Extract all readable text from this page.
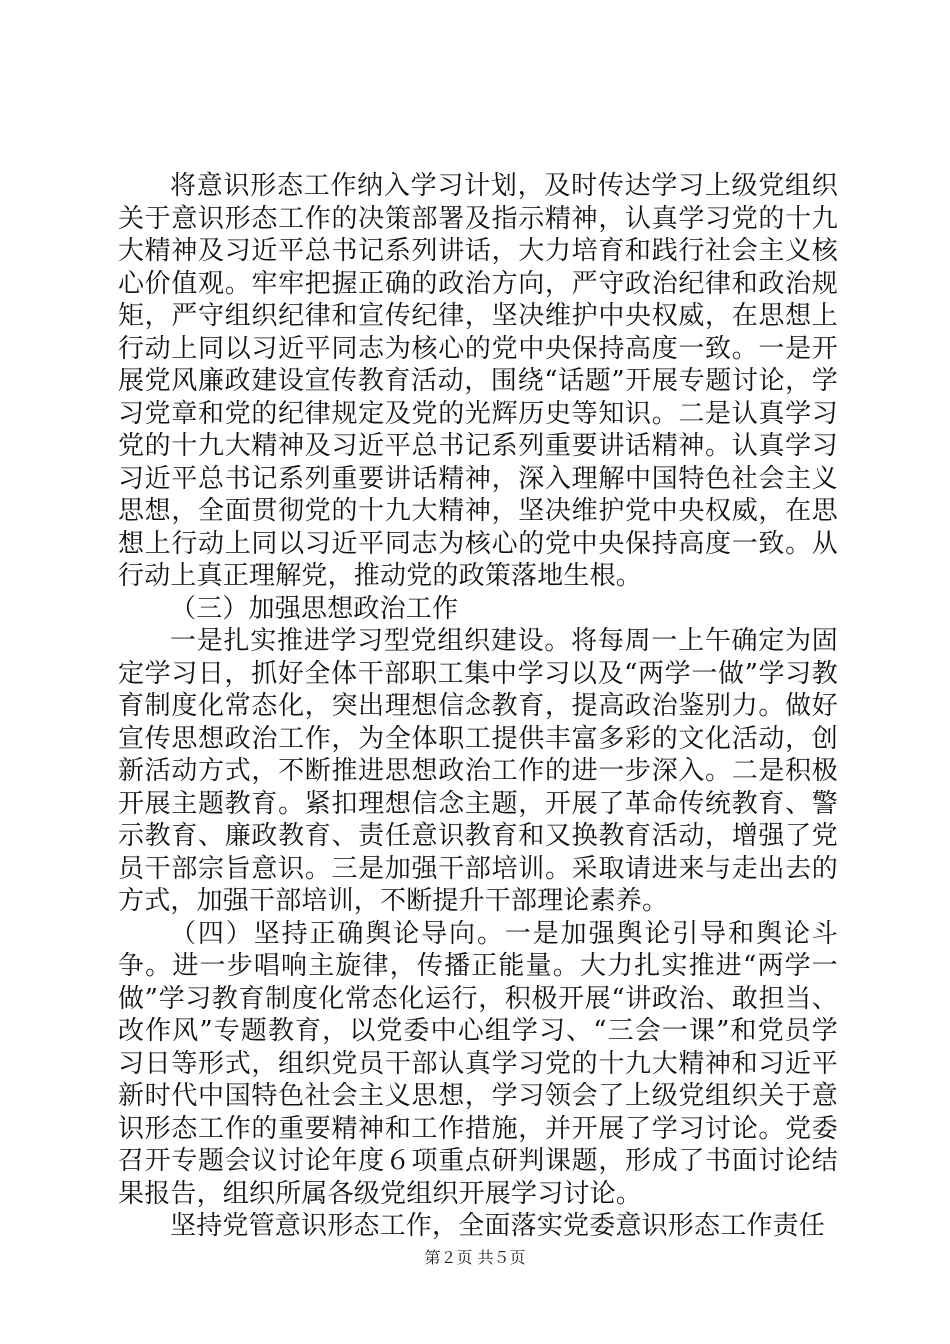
将意识形态工作纳入学习计划，及时传达学习上级党组织关于意识形态工作的决策部署及指示精神，认真学习党的十九大精神及习近平总书记系列讲话，大力培育和践行社会主义核心价值观。牢牢把握正确的政治方向，严守政治纪律和政治规矩，严守组织纪律和宣传纪律，坚决维护中央权威，在思想上行动上同以习近平同志为核心的党中央保持高度一致。一是开展党风廉政建设宣传教育活动，围绕“话题”开展专题讨论，学习党章和党的纪律规定及党的光辉历史等知识。二是认真学习党的十九大精神及习近平总书记系列重要讲话精神。认真学习习近平总书记系列重要讲话精神，深入理解中国特色社会主义思想，全面贯彻党的十九大精神，坚决维护党中央权威，在思想上行动上同以习近平同志为核心的党中央保持高度一致。从行动上真正理解党，推动党的政策落地生根。

（三）加强思想政治工作

一是扎实推进学习型党组织建设。将每周一上午确定为固定学习日，抓好全体干部职工集中学习以及“两学一做”学习教育制度化常态化，突出理想信念教育，提高政治鉴别力。做好宣传思想政治工作，为全体职工提供丰富多彩的文化活动，创新活动方式，不断推进思想政治工作的进一步深入。二是积极开展主题教育。紧扣理想信念主题，开展了革命传统教育、警示教育、廉政教育、责任意识教育和又换教育活动，增强了党员干部宗旨意识。三是加强干部培训。采取请进来与走出去的方式，加强干部培训，不断提升干部理论素养。

（四）坚持正确舆论导向。一是加强舆论引导和舆论斗争。进一步唱响主旋律，传播正能量。大力扎实推进“两学一做”学习教育制度化常态化运行，积极开展“讲政治、敢担当、改作风”专题教育，以党委中心组学习、“三会一课”和党员学习日等形式，组织党员干部认真学习党的十九大精神和习近平新时代中国特色社会主义思想，学习领会了上级党组织关于意识形态工作的重要精神和工作措施，并开展了学习讨论。党委召开专题会议讨论年度６项重点研判课题，形成了书面讨论结果报告，组织所属各级党组织开展学习讨论。

坚持党管意识形态工作，全面落实党委意识形态工作责任

第２页 共５页
